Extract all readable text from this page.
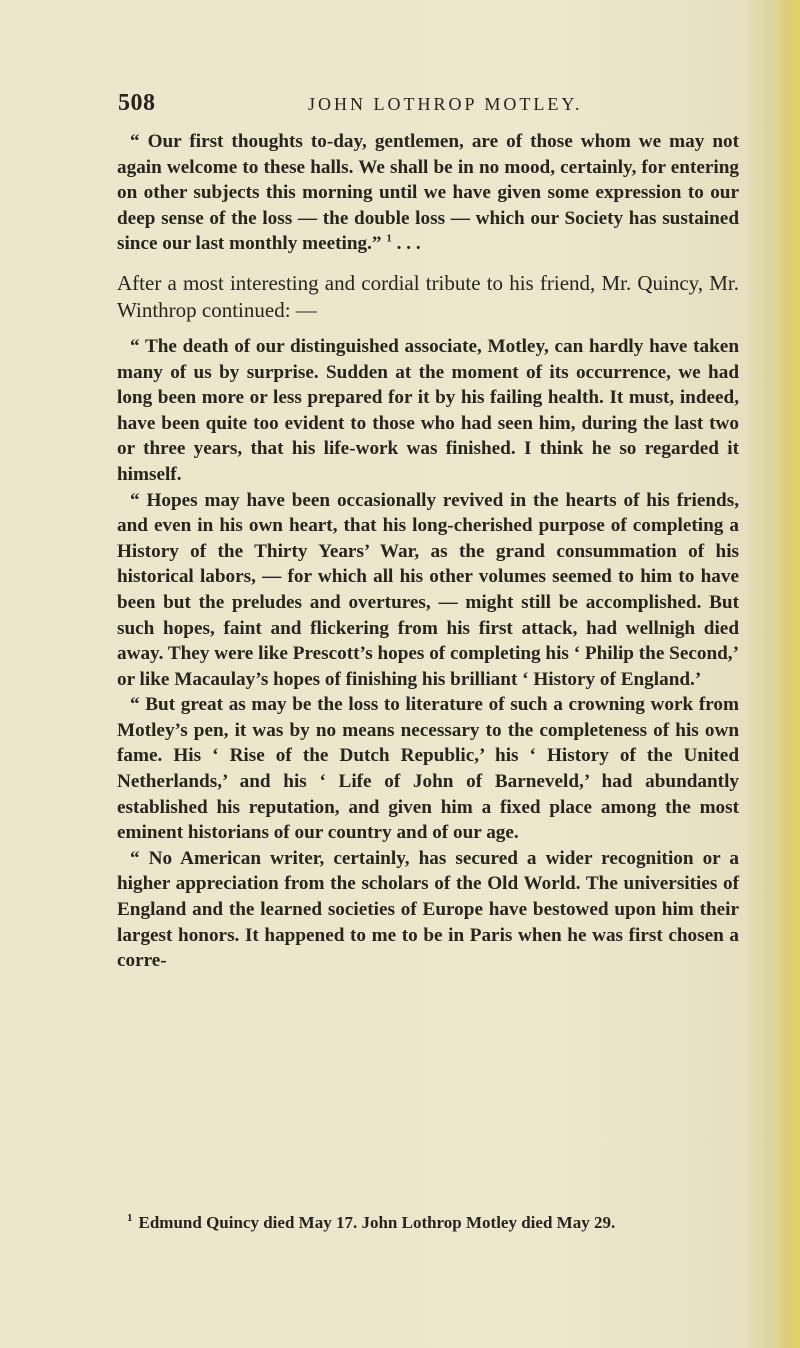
508	JOHN LOTHROP MOTLEY.

“ Our first thoughts to-day, gentlemen, are of those whom we may not again welcome to these halls. We shall be in no mood, certainly, for entering on other subjects this morning until we have given some expression to our deep sense of the loss — the double loss — which our Society has sustained since our last monthly meeting.” $^1$ . . .

After a most interesting and cordial tribute to his friend, Mr. Quincy, Mr. Winthrop continued: —

“ The death of our distinguished associate, Motley, can hardly have taken many of us by surprise. Sudden at the moment of its occurrence, we had long been more or less prepared for it by his failing health. It must, indeed, have been quite too evident to those who had seen him, during the last two or three years, that his life-work was finished. I think he so regarded it himself.

“ Hopes may have been occasionally revived in the hearts of his friends, and even in his own heart, that his long-cherished purpose of completing a History of the Thirty Years’ War, as the grand consummation of his historical labors, — for which all his other volumes seemed to him to have been but the preludes and overtures, — might still be accomplished. But such hopes, faint and flickering from his first attack, had wellnigh died away. They were like Prescott’s hopes of completing his ‘ Philip the Second,’ or like Macaulay’s hopes of finishing his brilliant ‘ History of England.’

“ But great as may be the loss to literature of such a crowning work from Motley’s pen, it was by no means necessary to the completeness of his own fame. His ‘ Rise of the Dutch Republic,’ his ‘ History of the United Netherlands,’ and his ‘ Life of John of Barneveld,’ had abundantly established his reputation, and given him a fixed place among the most eminent historians of our country and of our age.

“ No American writer, certainly, has secured a wider recognition or a higher appreciation from the scholars of the Old World. The universities of England and the learned societies of Europe have bestowed upon him their largest honors. It happened to me to be in Paris when he was first chosen a corre-

$^1$ Edmund Quincy died May 17. John Lothrop Motley died May 29.
